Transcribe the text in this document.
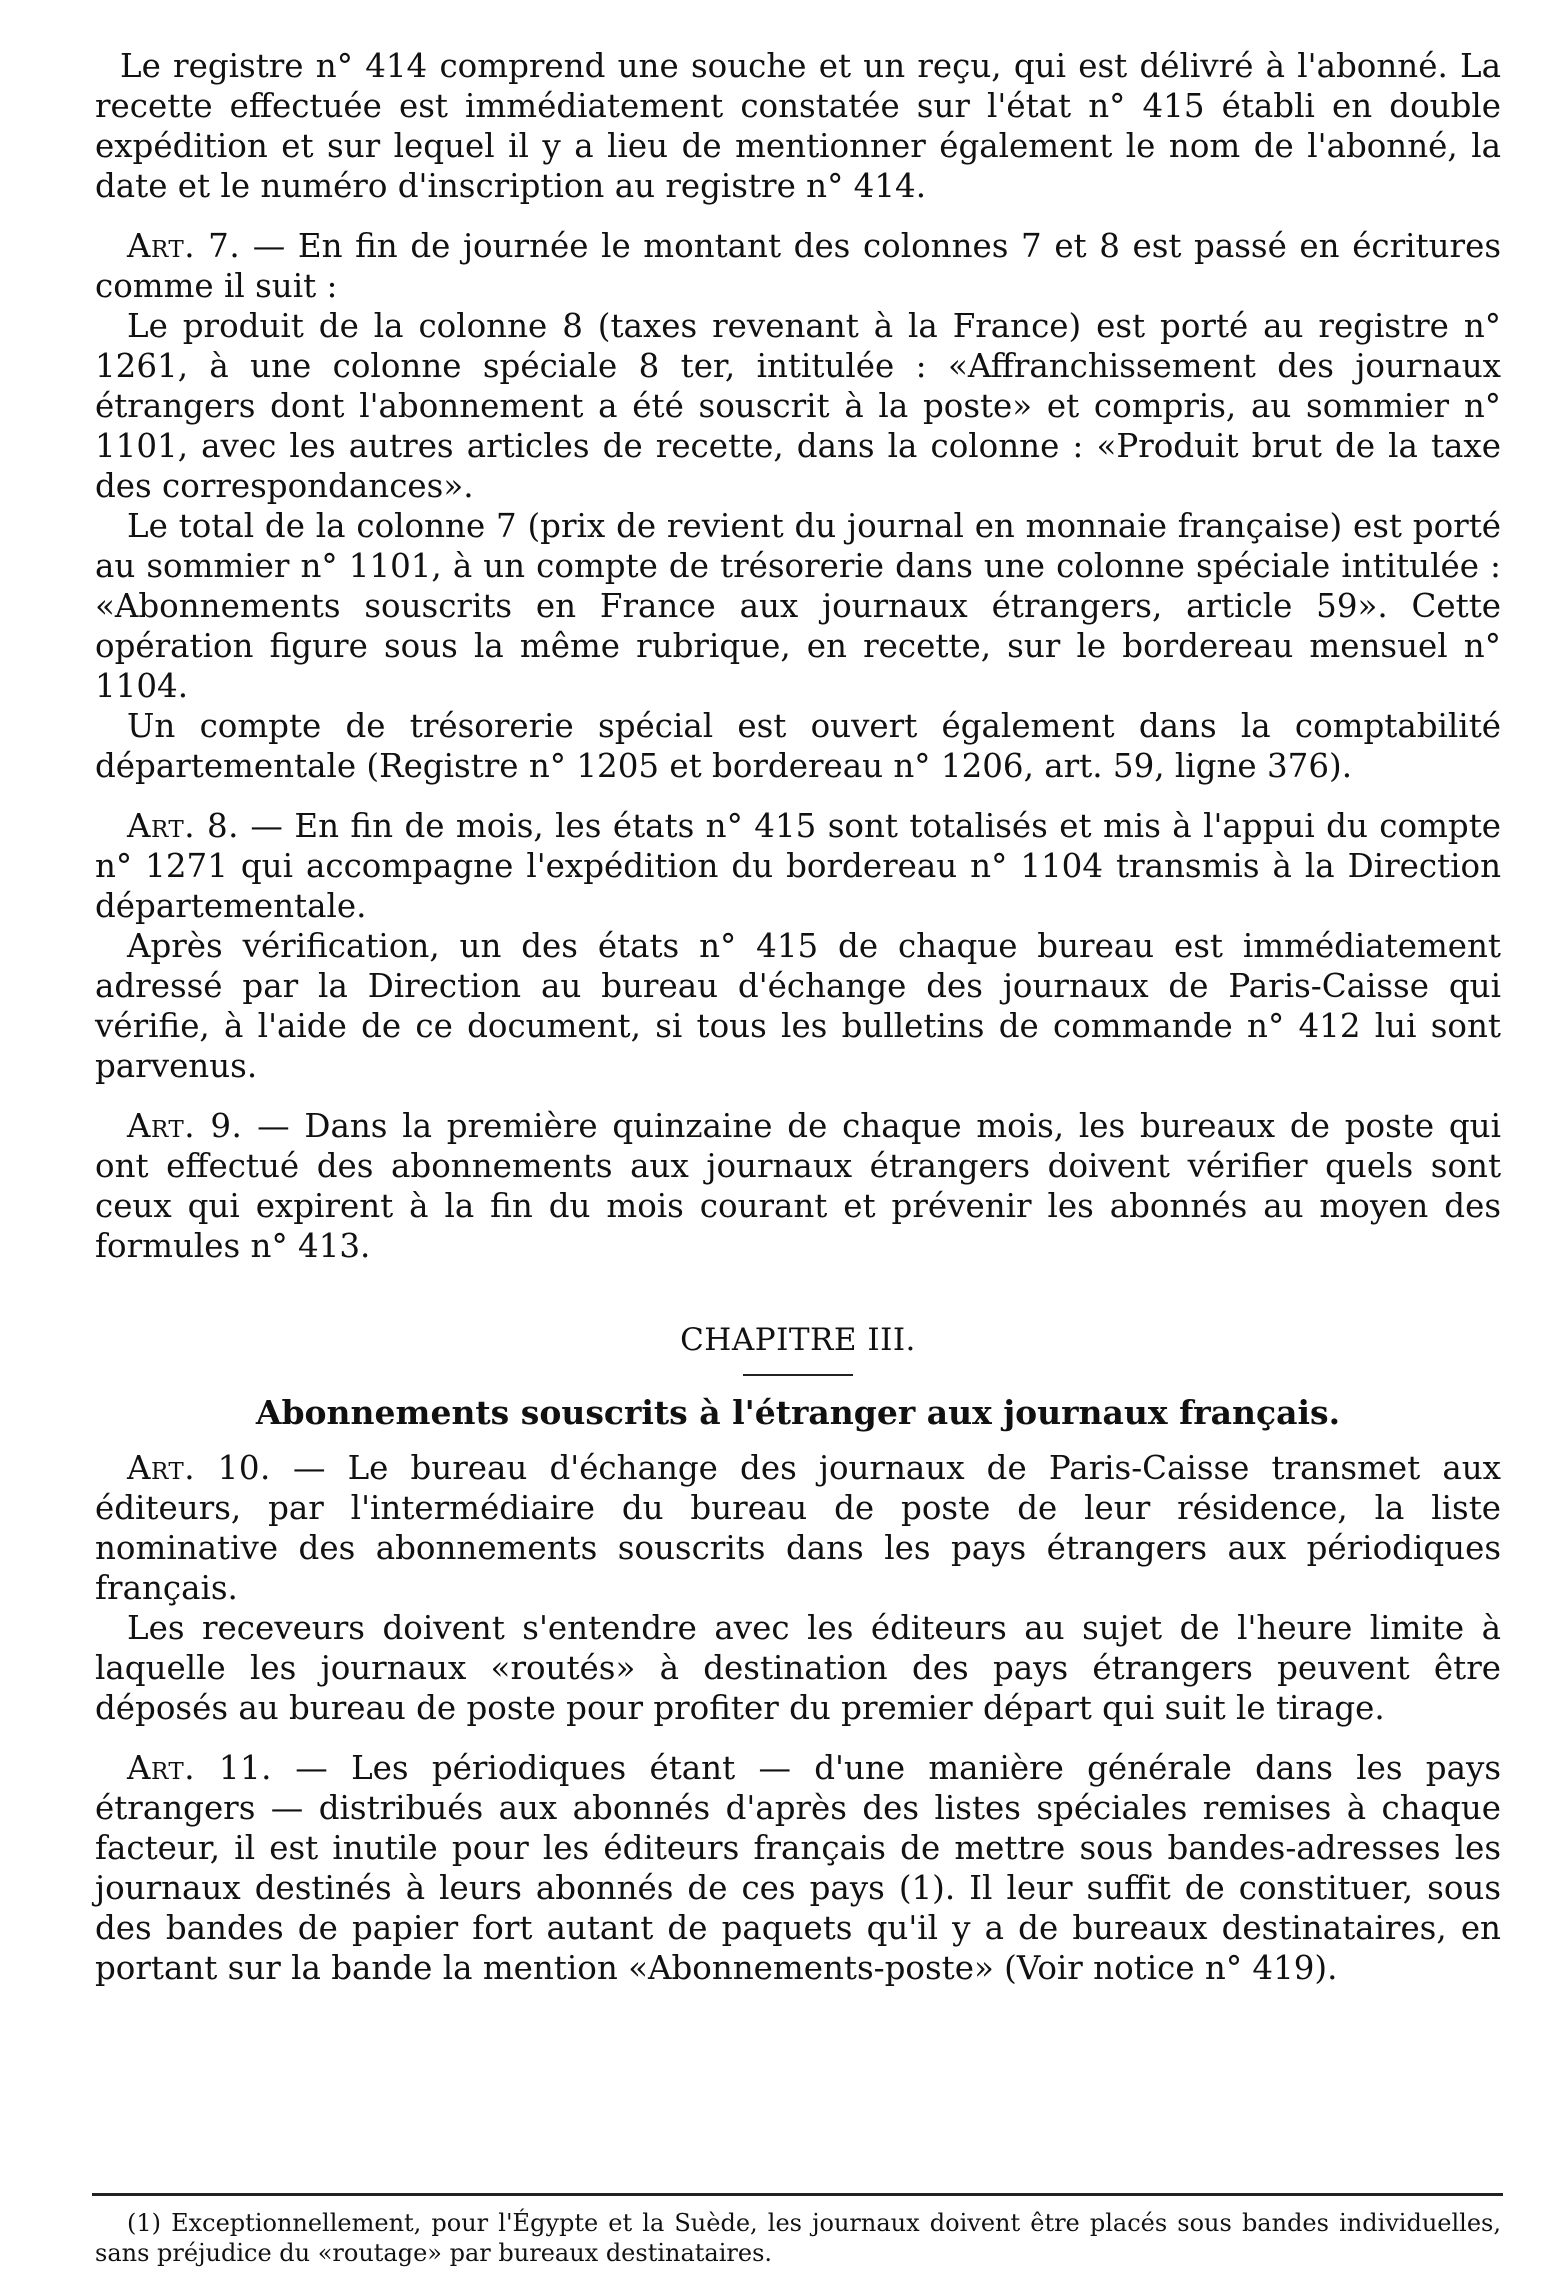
Le registre n° 414 comprend une souche et un reçu, qui est délivré à l'abonné. La recette effectuée est immédiatement constatée sur l'état n° 415 établi en double expédition et sur lequel il y a lieu de mentionner également le nom de l'abonné, la date et le numéro d'inscription au registre n° 414.

Art. 7. — En fin de journée le montant des colonnes 7 et 8 est passé en écritures comme il suit :

Le produit de la colonne 8 (taxes revenant à la France) est porté au registre n° 1261, à une colonne spéciale 8 ter, intitulée : «Affranchissement des journaux étrangers dont l'abonnement a été souscrit à la poste» et compris, au sommier n° 1101, avec les autres articles de recette, dans la colonne : «Produit brut de la taxe des correspondances».

Le total de la colonne 7 (prix de revient du journal en monnaie française) est porté au sommier n° 1101, à un compte de trésorerie dans une colonne spéciale intitulée : «Abonnements souscrits en France aux journaux étrangers, article 59». Cette opération figure sous la même rubrique, en recette, sur le bordereau mensuel n° 1104.

Un compte de trésorerie spécial est ouvert également dans la comptabilité départementale (Registre n° 1205 et bordereau n° 1206, art. 59, ligne 376).

Art. 8. — En fin de mois, les états n° 415 sont totalisés et mis à l'appui du compte n° 1271 qui accompagne l'expédition du bordereau n° 1104 transmis à la Direction départementale.

Après vérification, un des états n° 415 de chaque bureau est immédiatement adressé par la Direction au bureau d'échange des journaux de Paris-Caisse qui vérifie, à l'aide de ce document, si tous les bulletins de commande n° 412 lui sont parvenus.

Art. 9. — Dans la première quinzaine de chaque mois, les bureaux de poste qui ont effectué des abonnements aux journaux étrangers doivent vérifier quels sont ceux qui expirent à la fin du mois courant et prévenir les abonnés au moyen des formules n° 413.

CHAPITRE III.
Abonnements souscrits à l'étranger aux journaux français.

Art. 10. — Le bureau d'échange des journaux de Paris-Caisse transmet aux éditeurs, par l'intermédiaire du bureau de poste de leur résidence, la liste nominative des abonnements souscrits dans les pays étrangers aux périodiques français.

Les receveurs doivent s'entendre avec les éditeurs au sujet de l'heure limite à laquelle les journaux «routés» à destination des pays étrangers peuvent être déposés au bureau de poste pour profiter du premier départ qui suit le tirage.

Art. 11. — Les périodiques étant — d'une manière générale dans les pays étrangers — distribués aux abonnés d'après des listes spéciales remises à chaque facteur, il est inutile pour les éditeurs français de mettre sous bandes-adresses les journaux destinés à leurs abonnés de ces pays (1). Il leur suffit de constituer, sous des bandes de papier fort autant de paquets qu'il y a de bureaux destinataires, en portant sur la bande la mention «Abonnements-poste» (Voir notice n° 419).

(1) Exceptionnellement, pour l'Égypte et la Suède, les journaux doivent être placés sous bandes individuelles, sans préjudice du «routage» par bureaux destinataires.
